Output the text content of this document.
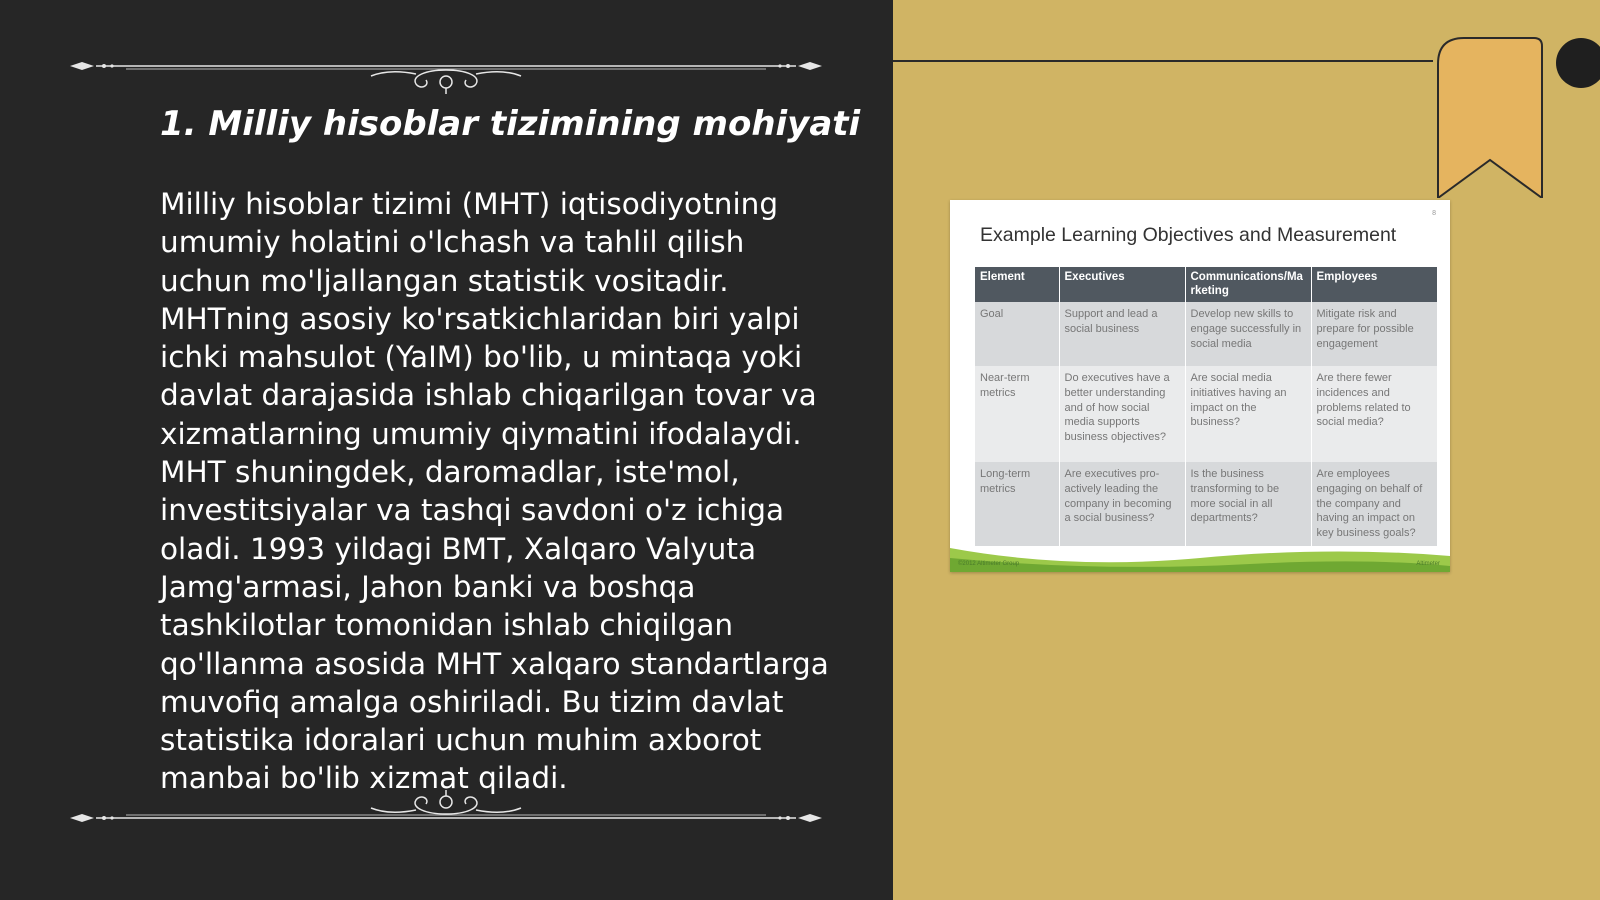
1. Milliy hisoblar tizimining mohiyati

Milliy hisoblar tizimi (MHT) iqtisodiyotning umumiy holatini o'lchash va tahlil qilish uchun mo'ljallangan statistik vositadir. MHTning asosiy ko'rsatkichlaridan biri yalpi ichki mahsulot (YaIM) bo'lib, u mintaqa yoki davlat darajasida ishlab chiqarilgan tovar va xizmatlarning umumiy qiymatini ifodalaydi. MHT shuningdek, daromadlar, iste'mol, investitsiyalar va tashqi savdoni o'z ichiga oladi. 1993 yildagi BMT, Xalqaro Valyuta Jamg'armasi, Jahon banki va boshqa tashkilotlar tomonidan ishlab chiqilgan qo'llanma asosida MHT xalqaro standartlarga muvofiq amalga oshiriladi. Bu tizim davlat statistika idoralari uchun muhim axborot manbai bo'lib xizmat qiladi.

8
Example Learning Objectives and Measurement
Element	Executives	Communications/Marketing	Employees
Goal	Support and lead a social business	Develop new skills to engage successfully in social media	Mitigate risk and prepare for possible engagement
Near-term metrics	Do executives have a better understanding and of how social media supports business objectives?	Are social media initiatives having an impact on the business?	Are there fewer incidences and problems related to social media?
Long-term metrics	Are executives pro-actively leading the company in becoming a social business?	Is the business transforming to be more social in all departments?	Are employees engaging on behalf of the company and having an impact on key business goals?
©2012 Altimeter Group	Altimeter
